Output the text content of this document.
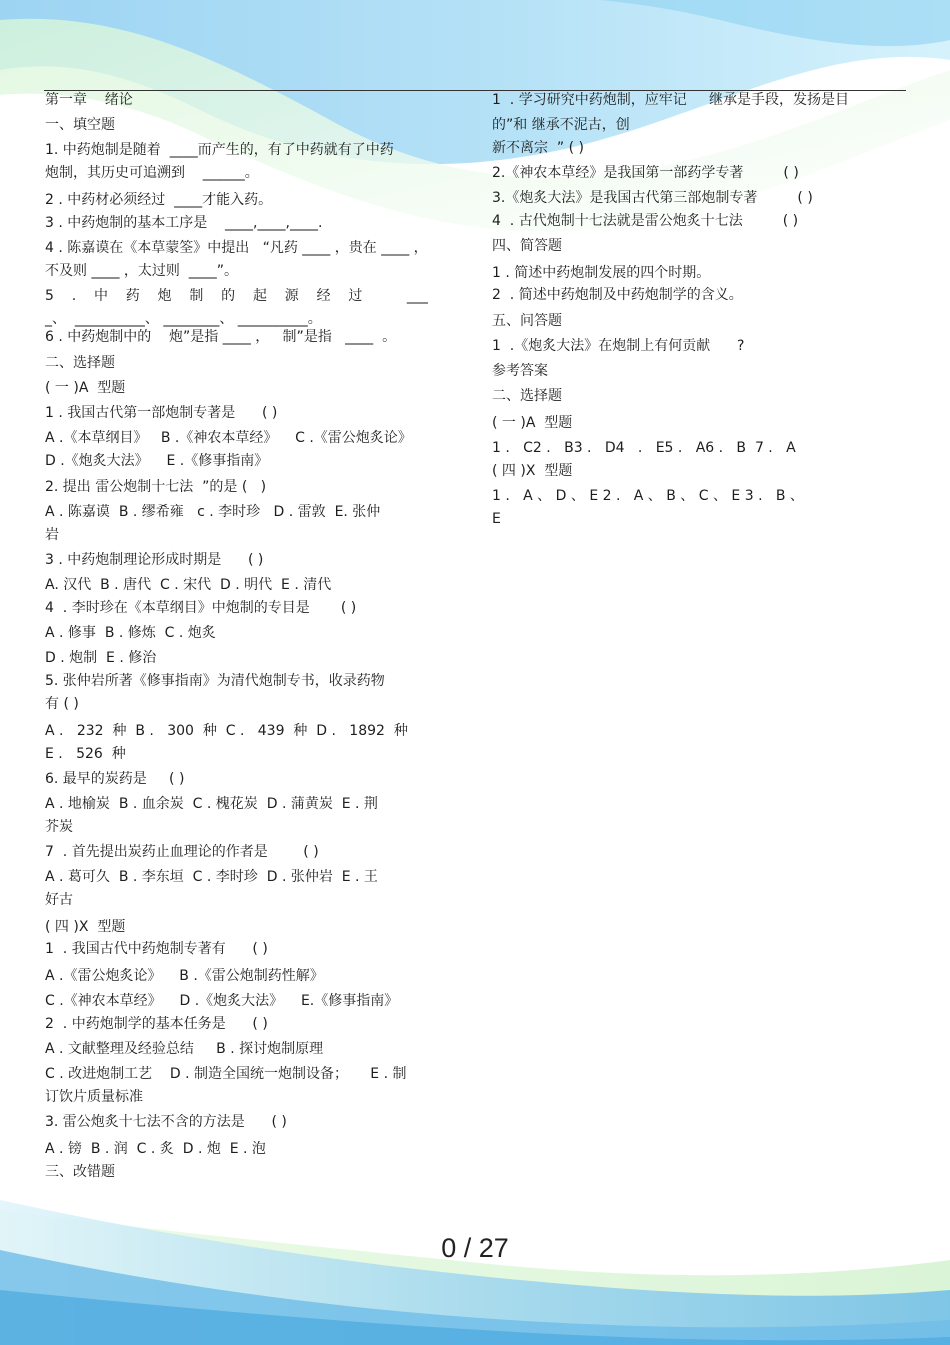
第一章    绪论
一、填空题
1. 中药炮制是随着  ____而产生的，有了中药就有了中药
炮制，其历史可追溯到    ______。
2 . 中药材必须经过  ____才能入药。
3 . 中药炮制的基本工序是    ____,____,____.
4 . 陈嘉谟在《本草蒙筌》中提出   “凡药 ____ ，贵在 ____ ，
不及则 ____ ，太过则  ____”。
5    .    中    药    炮    制    的    起    源    经    过          ___
_、  __________、 ________、 __________。
6 . 中药炮制中的    炮”是指 ____ ，   制”是指   ____  。
二、选择题
( 一 )A  型题
1 . 我国古代第一部炮制专著是      ( )
A .《本草纲目》   B .《神农本草经》    C .《雷公炮炙论》
D .《炮炙大法》    E .《修事指南》
2. 提出 雷公炮制十七法  ”的是 (   )
A . 陈嘉谟  B . 缪希雍   c . 李时珍   D . 雷敦  E. 张仲
岩
3 . 中药炮制理论形成时期是      ( )
A. 汉代  B . 唐代  C . 宋代  D . 明代  E . 清代
4  . 李时珍在《本草纲目》中炮制的专目是       ( )
A . 修事  B . 修炼  C . 炮炙
D . 炮制  E . 修治
5. 张仲岩所著《修事指南》为清代炮制专书，收录药物
有 ( )
A .   232  种  B .   300  种  C .   439  种  D .   1892  种
E .   526  种
6. 最早的炭药是     ( )
A . 地榆炭  B . 血余炭  C . 槐花炭  D . 蒲黄炭  E . 荆
芥炭
7  . 首先提出炭药止血理论的作者是        ( )
A . 葛可久  B . 李东垣  C . 李时珍  D . 张仲岩  E . 王
好古
( 四 )X  型题
1  . 我国古代中药炮制专著有      ( )
A .《雷公炮炙论》    B .《雷公炮制药性解》
C .《神农本草经》    D .《炮炙大法》    E.《修事指南》
2  . 中药炮制学的基本任务是      ( )
A . 文献整理及经验总结     B . 探讨炮制原理
C . 改进炮制工艺    D . 制造全国统一炮制设备；     E . 制
订饮片质量标准
3. 雷公炮炙十七法不含的方法是      ( )
A . 镑  B . 润  C . 炙  D . 炮  E . 泡
三、改错题
1  . 学习研究中药炮制，应牢记     继承是手段，发扬是目
的”和 继承不泥古，创
新不离宗  ” ( )
2.《神农本草经》是我国第一部药学专著         ( )
3.《炮炙大法》是我国古代第三部炮制专著         ( )
4  . 古代炮制十七法就是雷公炮炙十七法         ( )
四、简答题
1 . 简述中药炮制发展的四个时期。
2  . 简述中药炮制及中药炮制学的含义。
五、问答题
1  .《炮炙大法》在炮制上有何贡献      ?
参考答案
二、选择题
( 一 )A  型题
1 .   C2 .   B3 .   D4   .   E5 .   A6 .   B  7 .   A
( 四 )X  型题
1 .   A 、 D 、 E 2 .   A 、 B 、 C 、 E 3 .   B 、
E
0 / 27
